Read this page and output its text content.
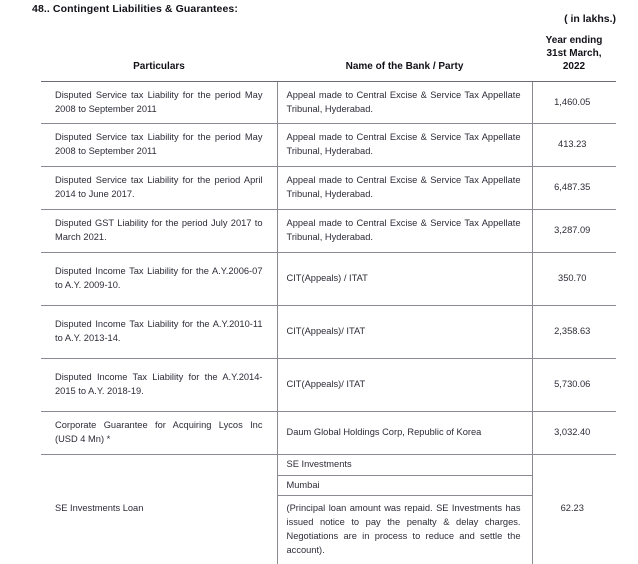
48.. Contingent Liabilities & Guarantees:
( in lakhs.)
Particulars	Name of the Bank / Party	Year ending
31st March,
2022

Disputed Service tax Liability for the period May 2008 to September 2011	Appeal made to Central Excise & Service Tax Appellate Tribunal, Hyderabad.	1,460.05
Disputed Service tax Liability for the period May 2008 to September 2011	Appeal made to Central Excise & Service Tax Appellate Tribunal, Hyderabad.	413.23
Disputed Service tax Liability for the period April 2014 to June 2017.	Appeal made to Central Excise & Service Tax Appellate Tribunal, Hyderabad.	6,487.35
Disputed GST Liability for the period July 2017 to March 2021.	Appeal made to Central Excise & Service Tax Appellate Tribunal, Hyderabad.	3,287.09
Disputed Income Tax Liability for the A.Y.2006-07 to A.Y. 2009-10.	CIT(Appeals) / ITAT	350.70
Disputed Income Tax Liability for the A.Y.2010-11 to A.Y. 2013-14.	CIT(Appeals)/ ITAT	2,358.63
Disputed Income Tax Liability for the A.Y.2014-2015 to A.Y. 2018-19.	CIT(Appeals)/ ITAT	5,730.06
Corporate Guarantee for Acquiring Lycos Inc (USD 4 Mn) *	Daum Global Holdings Corp, Republic of Korea	3,032.40
SE Investments Loan	SE Investments
Mumbai
(Principal loan amount was repaid. SE Investments has issued notice to pay the penalty & delay charges. Negotiations are in process to reduce and settle the account).	62.23
